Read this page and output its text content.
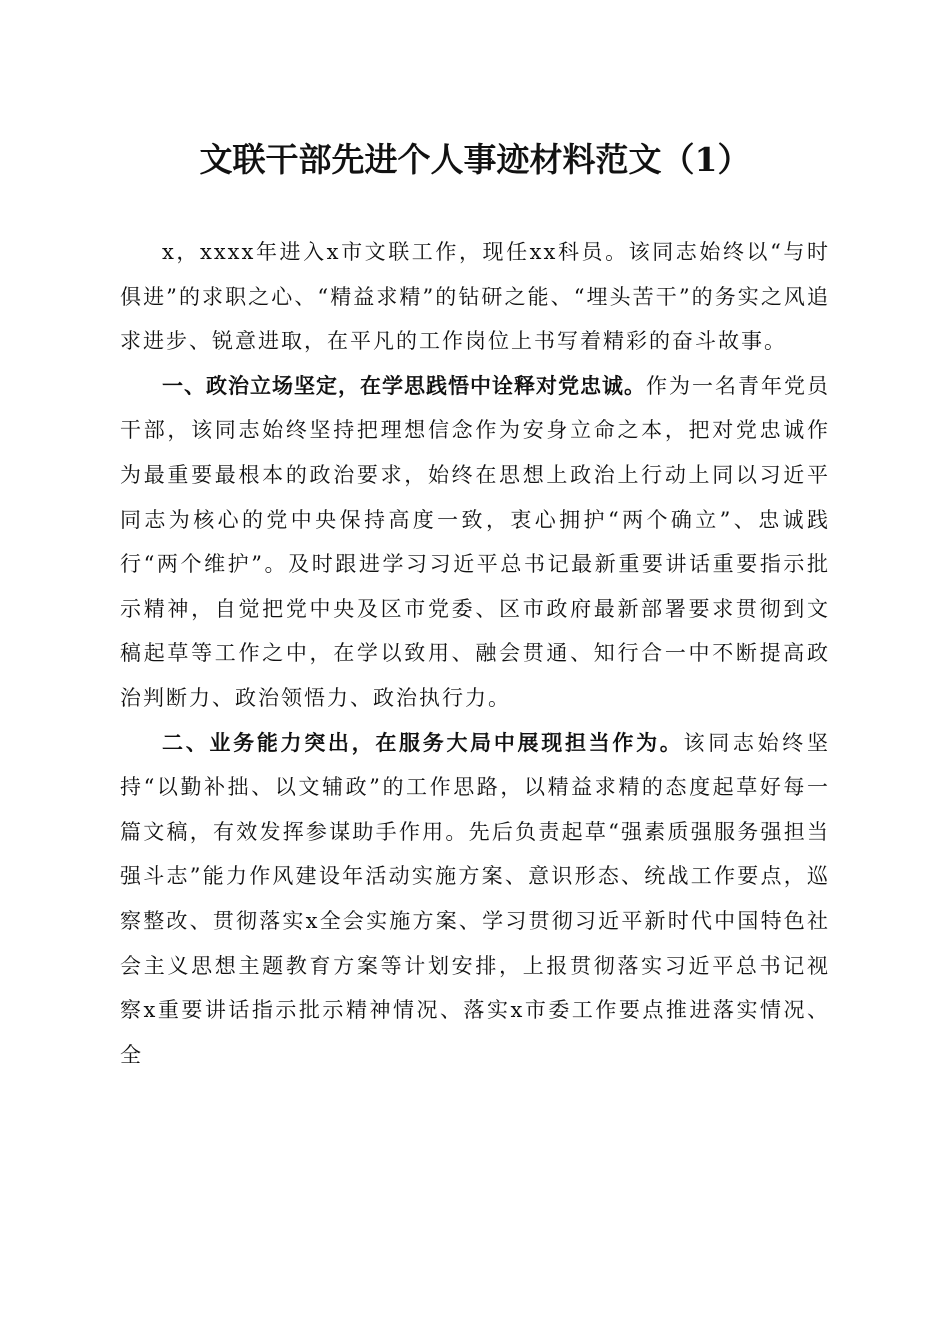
文联干部先进个人事迹材料范文（1）

x，xxxx年进入x市文联工作，现任xx科员。该同志始终以“与时俱进”的求职之心、“精益求精”的钻研之能、“埋头苦干”的务实之风追求进步、锐意进取，在平凡的工作岗位上书写着精彩的奋斗故事。

一、政治立场坚定，在学思践悟中诠释对党忠诚。作为一名青年党员干部，该同志始终坚持把理想信念作为安身立命之本，把对党忠诚作为最重要最根本的政治要求，始终在思想上政治上行动上同以习近平同志为核心的党中央保持高度一致，衷心拥护“两个确立”、忠诚践行“两个维护”。及时跟进学习习近平总书记最新重要讲话重要指示批示精神，自觉把党中央及区市党委、区市政府最新部署要求贯彻到文稿起草等工作之中，在学以致用、融会贯通、知行合一中不断提高政治判断力、政治领悟力、政治执行力。

二、业务能力突出，在服务大局中展现担当作为。该同志始终坚持“以勤补拙、以文辅政”的工作思路，以精益求精的态度起草好每一篇文稿，有效发挥参谋助手作用。先后负责起草“强素质强服务强担当强斗志”能力作风建设年活动实施方案、意识形态、统战工作要点，巡察整改、贯彻落实x全会实施方案、学习贯彻习近平新时代中国特色社会主义思想主题教育方案等计划安排，上报贯彻落实习近平总书记视察x重要讲话指示批示精神情况、落实x市委工作要点推进落实情况、全
